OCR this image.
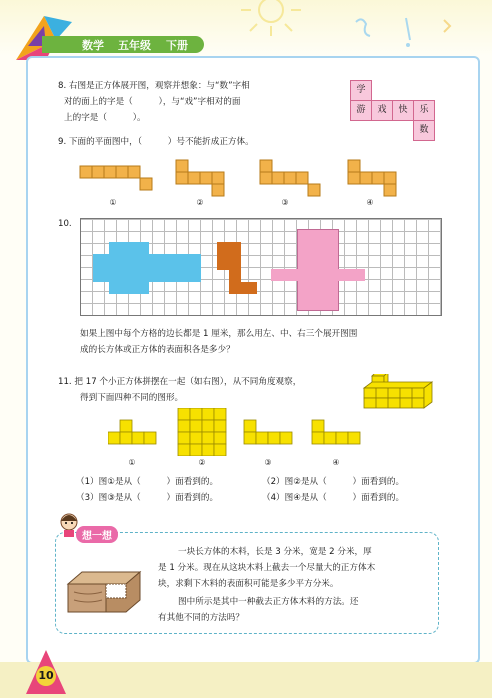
数学 五年级 下册
8. 右图是正方体展开图，观察并想象：与“数”字相
对的面上的字是（　　　），与“戏”字相对的面
上的字是（　　　）。
学
游	戏	快	乐
数
9. 下面的平面图中，（　　　）号不能折成正方体。
①	②	③	④
10.
如果上图中每个方格的边长都是 1 厘米，那么用左、中、右三个展开图围
成的长方体或正方体的表面积各是多少？
11. 把 17 个小正方体拼摆在一起（如右图），从不同角度观察，
得到下面四种不同的图形。
①	②	③	④
（1）图①是从（　　　）面看到的。	（2）图②是从（　　　）面看到的。
（3）图③是从（　　　）面看到的。	（4）图④是从（　　　）面看到的。
想一想
一块长方体的木料，长是 3 分米，宽是 2 分米，厚
是 1 分米。现在从这块木料上截去一个尽量大的正方体木
块，求剩下木料的表面积可能是多少平方分米。
图中所示是其中一种截去正方体木料的方法。还
有其他不同的方法吗？
10
